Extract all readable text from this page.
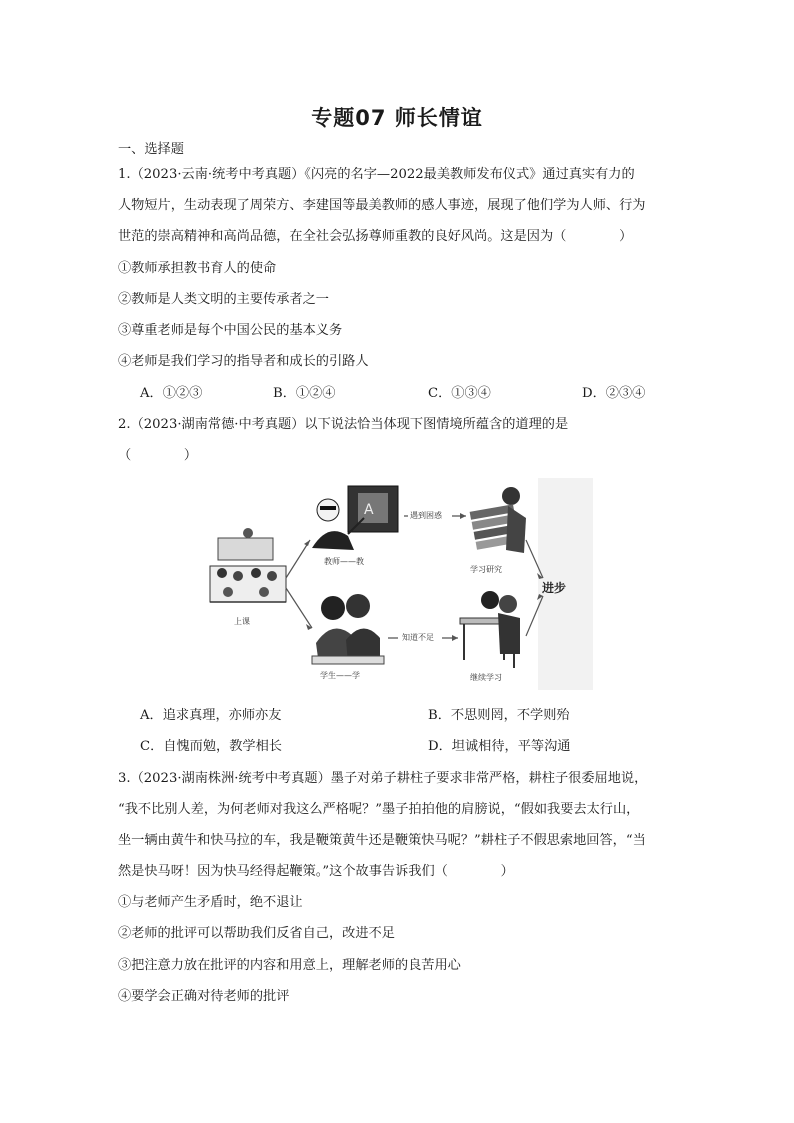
专题07 师长情谊
一、选择题
1.（2023·云南·统考中考真题）《闪亮的名字—2022最美教师发布仪式》通过真实有力的
人物短片，生动表现了周荣方、李建国等最美教师的感人事迹，展现了他们学为人师、行为
世范的崇高精神和高尚品德，在全社会弘扬尊师重教的良好风尚。这是因为（　　　　）
①教师承担教书育人的使命
②教师是人类文明的主要传承者之一
③尊重老师是每个中国公民的基本义务
④老师是我们学习的指导者和成长的引路人
A．①②③	B．①②④	C．①③④	D．②③④
2.（2023·湖南常德·中考真题）以下说法恰当体现下图情境所蕴含的道理的是
（　　　　）
上课
A
教师——教
学生——学
学习研究
继续学习
遇到困惑
知道不足
进步
A．追求真理，亦师亦友	B．不思则罔，不学则殆
C．自愧而勉，教学相长	D．坦诚相待，平等沟通
3.（2023·湖南株洲·统考中考真题）墨子对弟子耕柱子要求非常严格，耕柱子很委屈地说，
“我不比别人差，为何老师对我这么严格呢？”墨子拍拍他的肩膀说，“假如我要去太行山，
坐一辆由黄牛和快马拉的车，我是鞭策黄牛还是鞭策快马呢？”耕柱子不假思索地回答，“当
然是快马呀！因为快马经得起鞭策。”这个故事告诉我们（　　　　）
①与老师产生矛盾时，绝不退让
②老师的批评可以帮助我们反省自己，改进不足
③把注意力放在批评的内容和用意上，理解老师的良苦用心
④要学会正确对待老师的批评
